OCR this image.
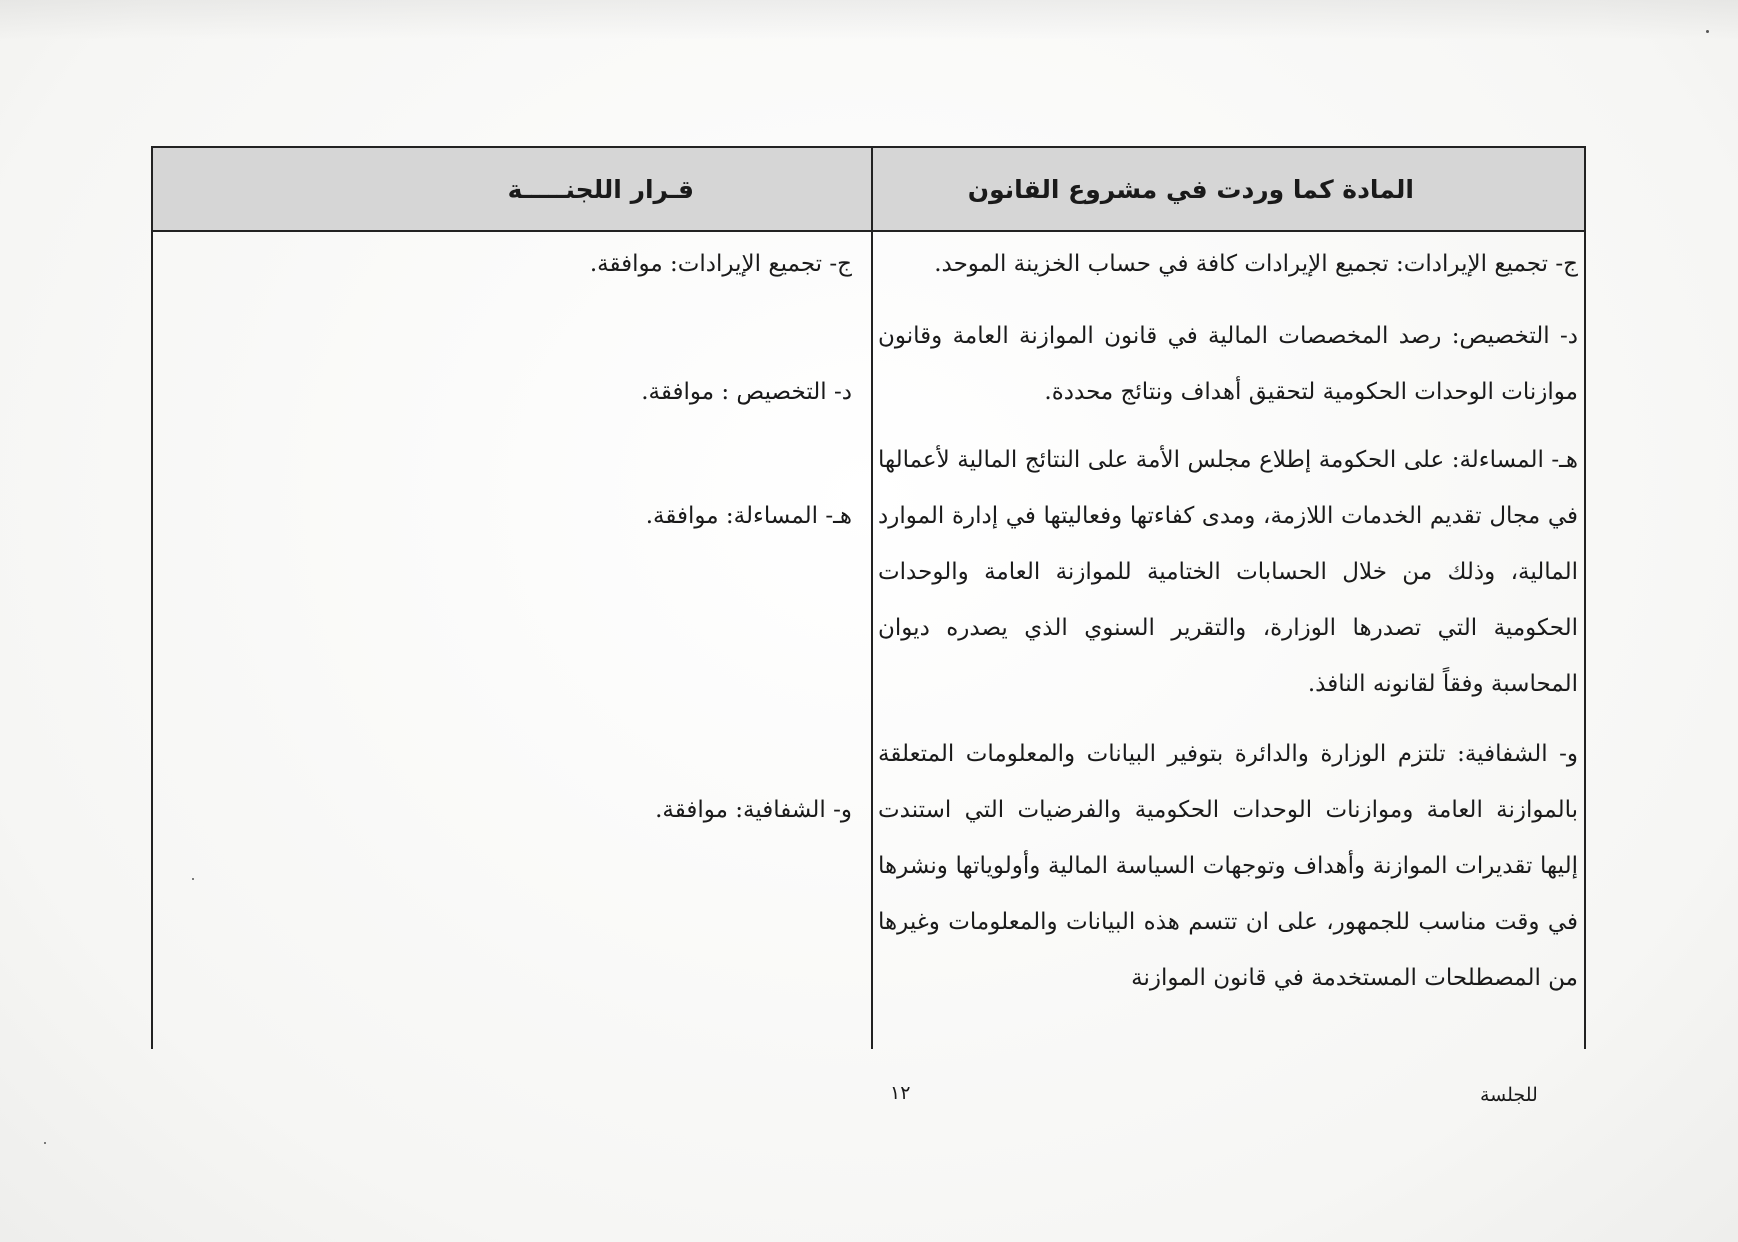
المادة كما وردت في مشروع القانون
قـرار اللجنـــــة

ج- تجميع الإيرادات: تجميع الإيرادات كافة في حساب الخزينة الموحد.

د- التخصيص: رصد المخصصات المالية في قانون الموازنة العامة وقانون موازنات الوحدات الحكومية لتحقيق أهداف ونتائج محددة.

هـ- المساءلة: على الحكومة إطلاع مجلس الأمة على النتائج المالية لأعمالها في مجال تقديم الخدمات اللازمة، ومدى كفاءتها وفعاليتها في إدارة الموارد المالية، وذلك من خلال الحسابات الختامية للموازنة العامة والوحدات الحكومية التي تصدرها الوزارة، والتقرير السنوي الذي يصدره ديوان المحاسبة وفقاً لقانونه النافذ.

و- الشفافية: تلتزم الوزارة والدائرة بتوفير البيانات والمعلومات المتعلقة بالموازنة العامة وموازنات الوحدات الحكومية والفرضيات التي استندت إليها تقديرات الموازنة وأهداف وتوجهات السياسة المالية وأولوياتها ونشرها في وقت مناسب للجمهور، على ان تتسم هذه البيانات والمعلومات وغيرها من المصطلحات المستخدمة في قانون الموازنة

ج- تجميع الإيرادات: موافقة.

د- التخصيص : موافقة.

هـ- المساءلة: موافقة.

و- الشفافية: موافقة.

١٢	للجلسة
